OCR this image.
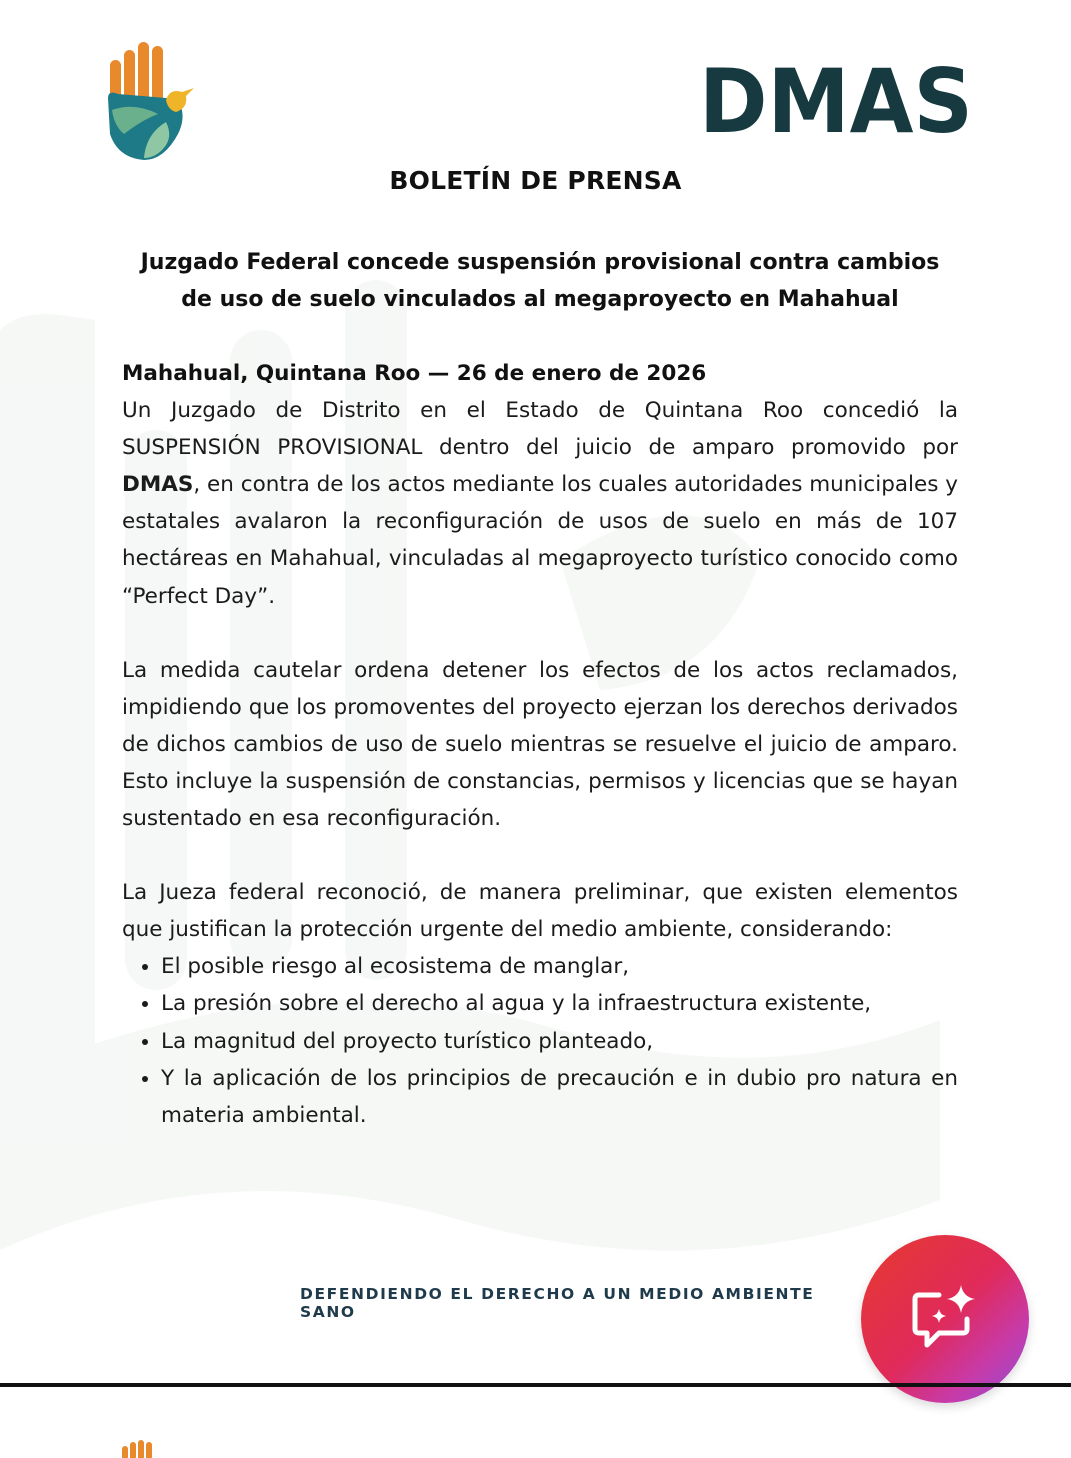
DMAS
BOLETÍN DE PRENSA
Juzgado Federal concede suspensión provisional contra cambios de uso de suelo vinculados al megaproyecto en Mahahual

Mahahual, Quintana Roo — 26 de enero de 2026

Un Juzgado de Distrito en el Estado de Quintana Roo concedió la SUSPENSIÓN PROVISIONAL dentro del juicio de amparo promovido por DMAS, en contra de los actos mediante los cuales autoridades municipales y estatales avalaron la reconfiguración de usos de suelo en más de 107 hectáreas en Mahahual, vinculadas al megaproyecto turístico conocido como “Perfect Day”.

La medida cautelar ordena detener los efectos de los actos reclamados, impidiendo que los promoventes del proyecto ejerzan los derechos derivados de dichos cambios de uso de suelo mientras se resuelve el juicio de amparo. Esto incluye la suspensión de constancias, permisos y licencias que se hayan sustentado en esa reconfiguración.

La Jueza federal reconoció, de manera preliminar, que existen elementos que justifican la protección urgente del medio ambiente, considerando:

• El posible riesgo al ecosistema de manglar,
• La presión sobre el derecho al agua y la infraestructura existente,
• La magnitud del proyecto turístico planteado,
• Y la aplicación de los principios de precaución e in dubio pro natura en materia ambiental.
DEFENDIENDO EL DERECHO A UN MEDIO AMBIENTE SANO
